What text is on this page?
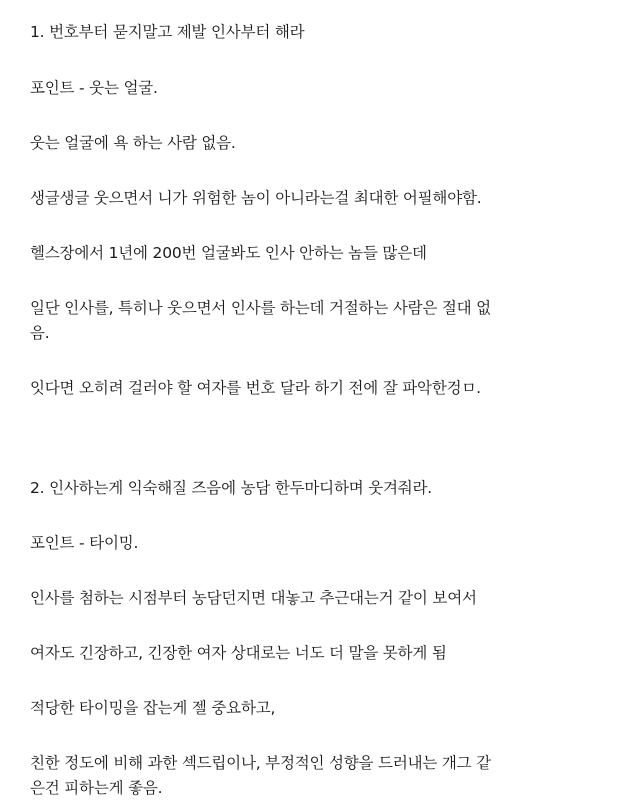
1. 번호부터 묻지말고 제발 인사부터 해라
포인트 - 웃는 얼굴.
웃는 얼굴에 욕 하는 사람 없음.
생글생글 웃으면서 니가 위험한 놈이 아니라는걸 최대한 어필해야함.
헬스장에서 1년에 200번 얼굴봐도 인사 안하는 놈들 많은데
일단 인사를, 특히나 웃으면서 인사를 하는데 거절하는 사람은 절대 없
음.
잇다면 오히려 걸러야 할 여자를 번호 달라 하기 전에 잘 파악한겅ㅁ.
2. 인사하는게 익숙해질 즈음에 농담 한두마디하며 웃겨줘라.
포인트 - 타이밍.
인사를 첨하는 시점부터 농담던지면 대놓고 추근대는거 같이 보여서
여자도 긴장하고, 긴장한 여자 상대로는 너도 더 말을 못하게 됨
적당한 타이밍을 잡는게 젤 중요하고,
친한 정도에 비해 과한 섹드립이나, 부정적인 성향을 드러내는 개그 같
은건 피하는게 좋음.
